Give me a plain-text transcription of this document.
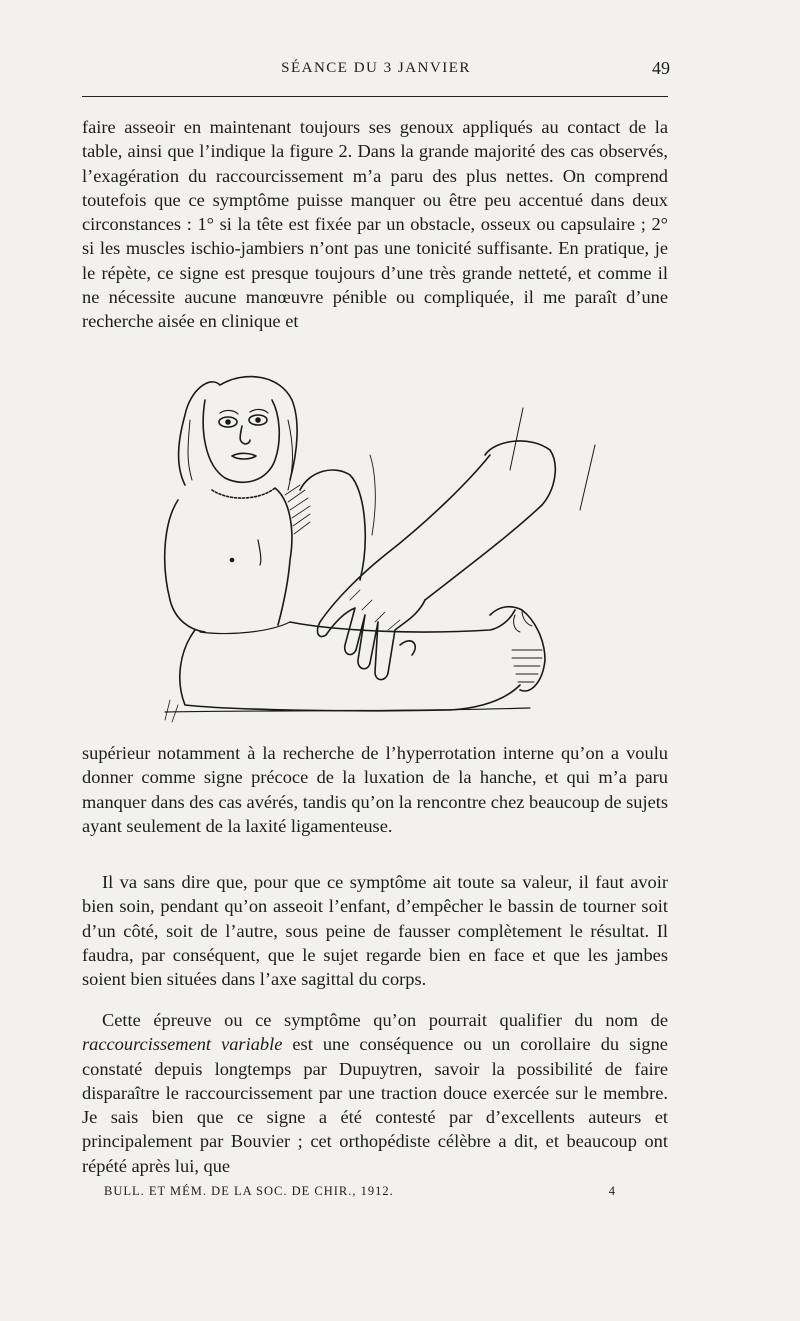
SÉANCE DU 3 JANVIER	49

faire asseoir en maintenant toujours ses genoux appliqués au contact de la table, ainsi que l’indique la figure 2. Dans la grande majorité des cas observés, l’exagération du raccourcissement m’a paru des plus nettes. On comprend toutefois que ce symptôme puisse manquer ou être peu accentué dans deux circonstances : 1° si la tête est fixée par un obstacle, osseux ou capsulaire ; 2° si les muscles ischio-jambiers n’ont pas une tonicité suffisante. En pratique, je le répète, ce signe est presque toujours d’une très grande netteté, et comme il ne nécessite aucune manœuvre pénible ou compliquée, il me paraît d’une recherche aisée en clinique et

supérieur notamment à la recherche de l’hyperrotation interne qu’on a voulu donner comme signe précoce de la luxation de la hanche, et qui m’a paru manquer dans des cas avérés, tandis qu’on la rencontre chez beaucoup de sujets ayant seulement de la laxité ligamenteuse.

Il va sans dire que, pour que ce symptôme ait toute sa valeur, il faut avoir bien soin, pendant qu’on asseoit l’enfant, d’empêcher le bassin de tourner soit d’un côté, soit de l’autre, sous peine de fausser complètement le résultat. Il faudra, par conséquent, que le sujet regarde bien en face et que les jambes soient bien situées dans l’axe sagittal du corps.

Cette épreuve ou ce symptôme qu’on pourrait qualifier du nom de raccourcissement variable est une conséquence ou un corollaire du signe constaté depuis longtemps par Dupuytren, savoir la possibilité de faire disparaître le raccourcissement par une traction douce exercée sur le membre. Je sais bien que ce signe a été contesté par d’excellents auteurs et principalement par Bouvier ; cet orthopédiste célèbre a dit, et beaucoup ont répété après lui, que

BULL. ET MÉM. DE LA SOC. DE CHIR., 1912.	4
